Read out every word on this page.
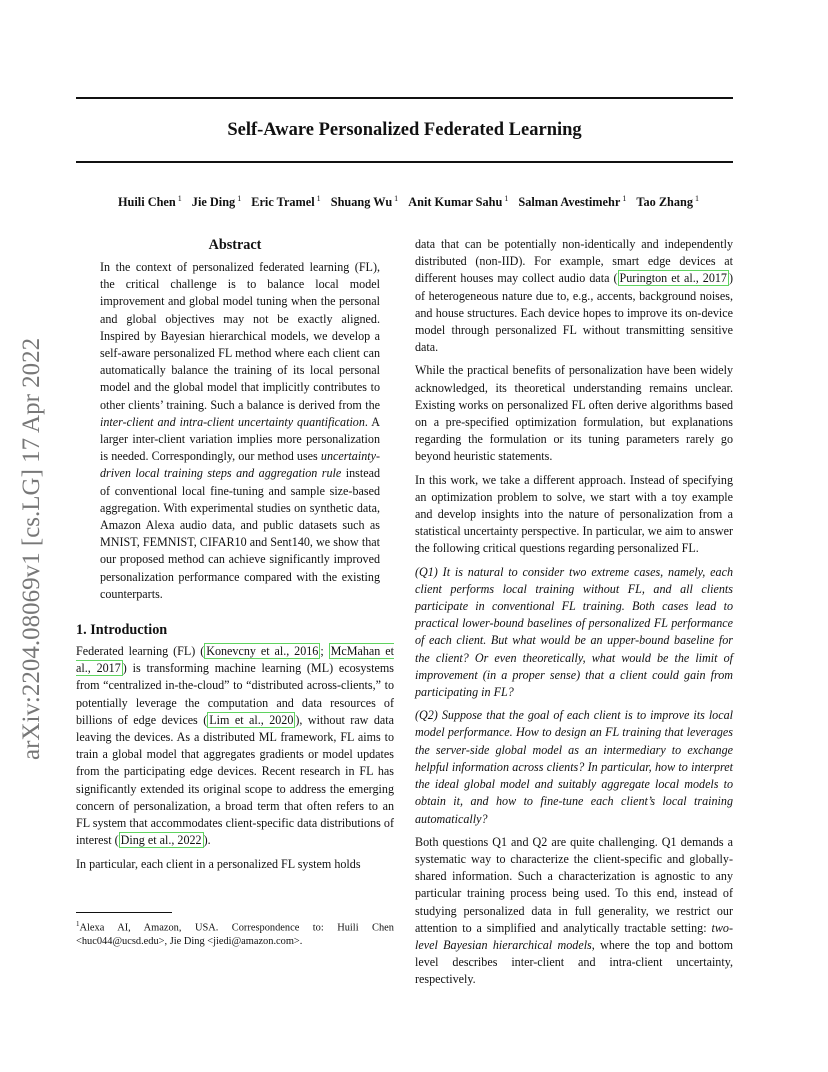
Self-Aware Personalized Federated Learning
Huili Chen $^1$ Jie Ding $^1$ Eric Tramel $^1$ Shuang Wu $^1$ Anit Kumar Sahu $^1$ Salman Avestimehr $^1$ Tao Zhang $^1$
arXiv:2204.08069v1 [cs.LG] 17 Apr 2022
Abstract

In the context of personalized federated learning (FL), the critical challenge is to balance local model improvement and global model tuning when the personal and global objectives may not be exactly aligned. Inspired by Bayesian hierarchical models, we develop a self-aware personalized FL method where each client can automatically balance the training of its local personal model and the global model that implicitly contributes to other clients’ training. Such a balance is derived from the inter-client and intra-client uncertainty quantification. A larger inter-client variation implies more personalization is needed. Correspondingly, our method uses uncertainty-driven local training steps and aggregation rule instead of conventional local fine-tuning and sample size-based aggregation. With experimental studies on synthetic data, Amazon Alexa audio data, and public datasets such as MNIST, FEMNIST, CIFAR10 and Sent140, we show that our proposed method can achieve significantly improved personalization performance compared with the existing counterparts.

1. Introduction

Federated learning (FL) ( Konevcny et al., 2016 ; McMahan et al., 2017 ) is transforming machine learning (ML) ecosystems from “centralized in-the-cloud” to “distributed across-clients,” to potentially leverage the computation and data resources of billions of edge devices ( Lim et al., 2020 ), without raw data leaving the devices. As a distributed ML framework, FL aims to train a global model that aggregates gradients or model updates from the participating edge devices. Recent research in FL has significantly extended its original scope to address the emerging concern of personalization, a broad term that often refers to an FL system that accommodates client-specific data distributions of interest ( Ding et al., 2022 ).

In particular, each client in a personalized FL system holds

$^1$Alexa AI, Amazon, USA. Correspondence to: Huili Chen <huc044@ucsd.edu>, Jie Ding <jiedi@amazon.com>.

data that can be potentially non-identically and independently distributed (non-IID). For example, smart edge devices at different houses may collect audio data ( Purington et al., 2017 ) of heterogeneous nature due to, e.g., accents, background noises, and house structures. Each device hopes to improve its on-device model through personalized FL without transmitting sensitive data.

While the practical benefits of personalization have been widely acknowledged, its theoretical understanding remains unclear. Existing works on personalized FL often derive algorithms based on a pre-specified optimization formulation, but explanations regarding the formulation or its tuning parameters rarely go beyond heuristic statements.

In this work, we take a different approach. Instead of specifying an optimization problem to solve, we start with a toy example and develop insights into the nature of personalization from a statistical uncertainty perspective. In particular, we aim to answer the following critical questions regarding personalized FL.

(Q1) It is natural to consider two extreme cases, namely, each client performs local training without FL, and all clients participate in conventional FL training. Both cases lead to practical lower-bound baselines of personalized FL performance of each client. But what would be an upper-bound baseline for the client? Or even theoretically, what would be the limit of improvement (in a proper sense) that a client could gain from participating in FL?

(Q2) Suppose that the goal of each client is to improve its local model performance. How to design an FL training that leverages the server-side global model as an intermediary to exchange helpful information across clients? In particular, how to interpret the ideal global model and suitably aggregate local models to obtain it, and how to fine-tune each client’s local training automatically?

Both questions Q1 and Q2 are quite challenging. Q1 demands a systematic way to characterize the client-specific and globally-shared information. Such a characterization is agnostic to any particular training process being used. To this end, instead of studying personalized data in full generality, we restrict our attention to a simplified and analytically tractable setting: two-level Bayesian hierarchical models, where the top and bottom level describes inter-client and intra-client uncertainty, respectively.
